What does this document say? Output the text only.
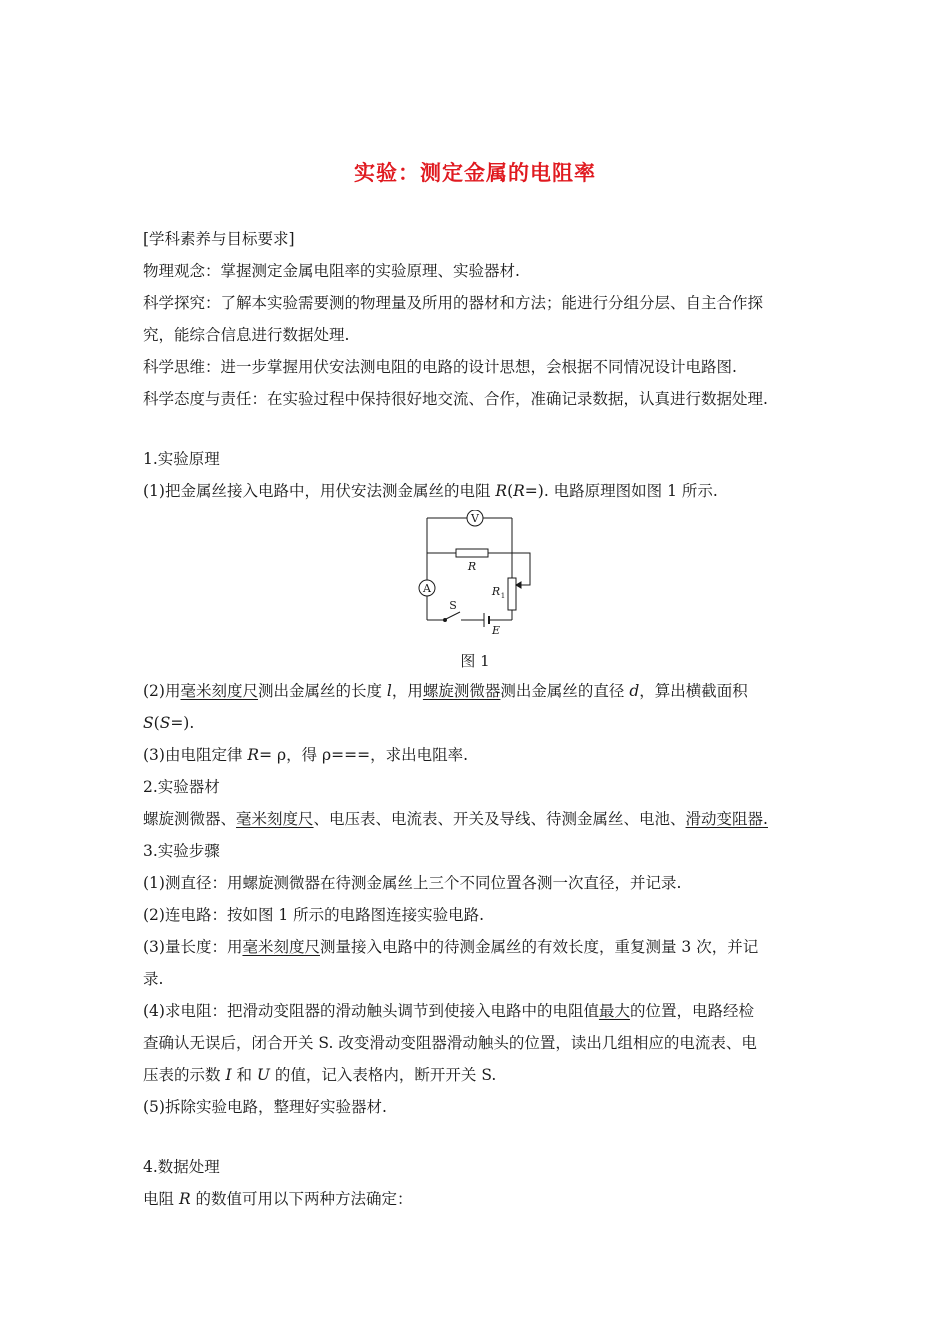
实验：测定金属的电阻率
[学科素养与目标要求]
物理观念：掌握测定金属电阻率的实验原理、实验器材.
科学探究：了解本实验需要测的物理量及所用的器材和方法；能进行分组分层、自主合作探
究，能综合信息进行数据处理.
科学思维：进一步掌握用伏安法测电阻的电路的设计思想，会根据不同情况设计电路图.
科学态度与责任：在实验过程中保持很好地交流、合作，准确记录数据，认真进行数据处理.
1.实验原理
(1)把金属丝接入电路中，用伏安法测金属丝的电阻 R(R=). 电路原理图如图 1 所示.
V
A
R
R 1
S
E
图 1
(2)用毫米刻度尺测出金属丝的长度 l，用螺旋测微器测出金属丝的直径 d，算出横截面积
S(S=).
(3)由电阻定律 R= ρ，得 ρ===，求出电阻率.
2.实验器材
螺旋测微器、毫米刻度尺、电压表、电流表、开关及导线、待测金属丝、电池、滑动变阻器.
3.实验步骤
(1)测直径：用螺旋测微器在待测金属丝上三个不同位置各测一次直径，并记录.
(2)连电路：按如图 1 所示的电路图连接实验电路.
(3)量长度：用毫米刻度尺测量接入电路中的待测金属丝的有效长度，重复测量 3 次，并记
录.
(4)求电阻：把滑动变阻器的滑动触头调节到使接入电路中的电阻值最大的位置，电路经检
查确认无误后，闭合开关 S. 改变滑动变阻器滑动触头的位置，读出几组相应的电流表、电
压表的示数 I 和 U 的值，记入表格内，断开开关 S.
(5)拆除实验电路，整理好实验器材.
4.数据处理
电阻 R 的数值可用以下两种方法确定：
